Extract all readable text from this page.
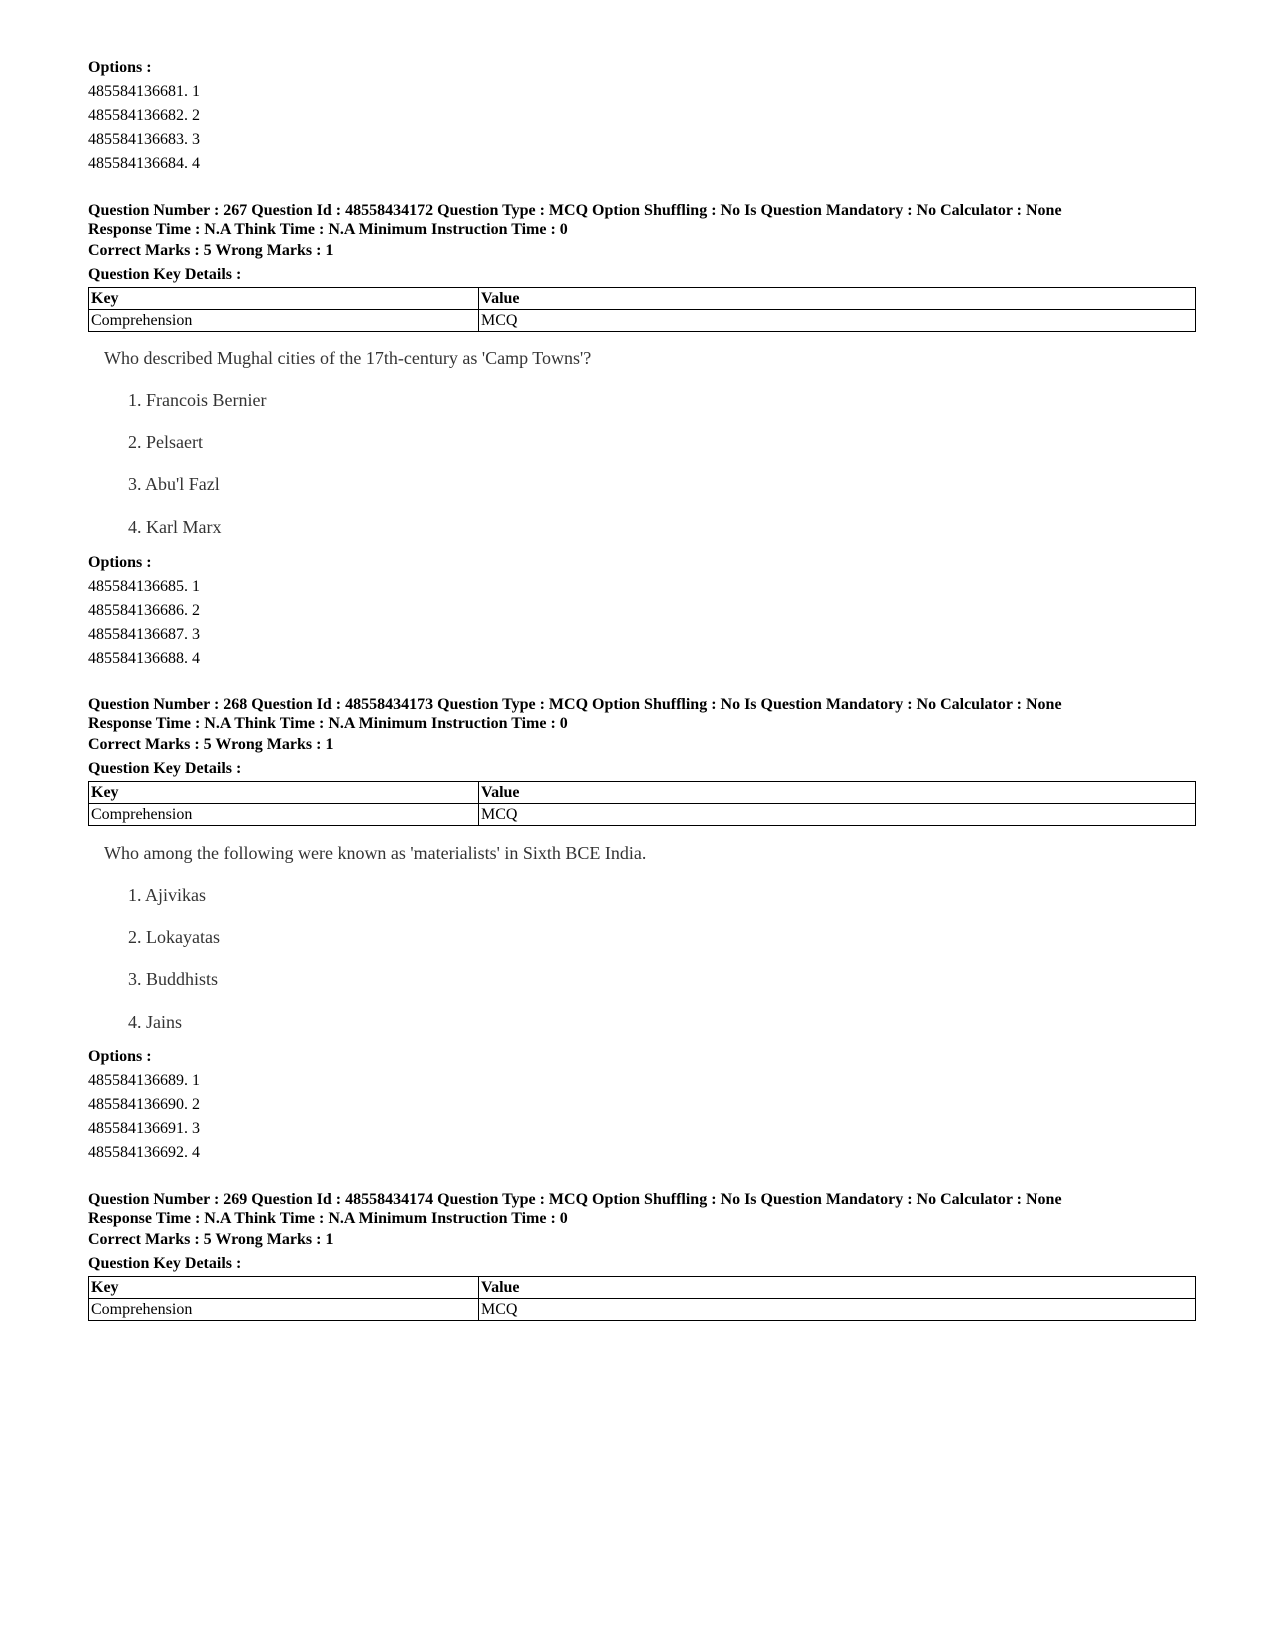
Options :
485584136681. 1
485584136682. 2
485584136683. 3
485584136684. 4
Question Number : 267 Question Id : 48558434172 Question Type : MCQ Option Shuffling : No Is Question Mandatory : No Calculator : None
Response Time : N.A Think Time : N.A Minimum Instruction Time : 0
Correct Marks : 5 Wrong Marks : 1
Question Key Details :
Key	Value
Comprehension	MCQ
Who described Mughal cities of the 17th-century as 'Camp Towns'?
1. Francois Bernier
2. Pelsaert
3. Abu'l Fazl
4. Karl Marx
Options :
485584136685. 1
485584136686. 2
485584136687. 3
485584136688. 4
Question Number : 268 Question Id : 48558434173 Question Type : MCQ Option Shuffling : No Is Question Mandatory : No Calculator : None
Response Time : N.A Think Time : N.A Minimum Instruction Time : 0
Correct Marks : 5 Wrong Marks : 1
Question Key Details :
Key	Value
Comprehension	MCQ
Who among the following were known as 'materialists' in Sixth BCE India.
1. Ajivikas
2. Lokayatas
3. Buddhists
4. Jains
Options :
485584136689. 1
485584136690. 2
485584136691. 3
485584136692. 4
Question Number : 269 Question Id : 48558434174 Question Type : MCQ Option Shuffling : No Is Question Mandatory : No Calculator : None
Response Time : N.A Think Time : N.A Minimum Instruction Time : 0
Correct Marks : 5 Wrong Marks : 1
Question Key Details :
Key	Value
Comprehension	MCQ
